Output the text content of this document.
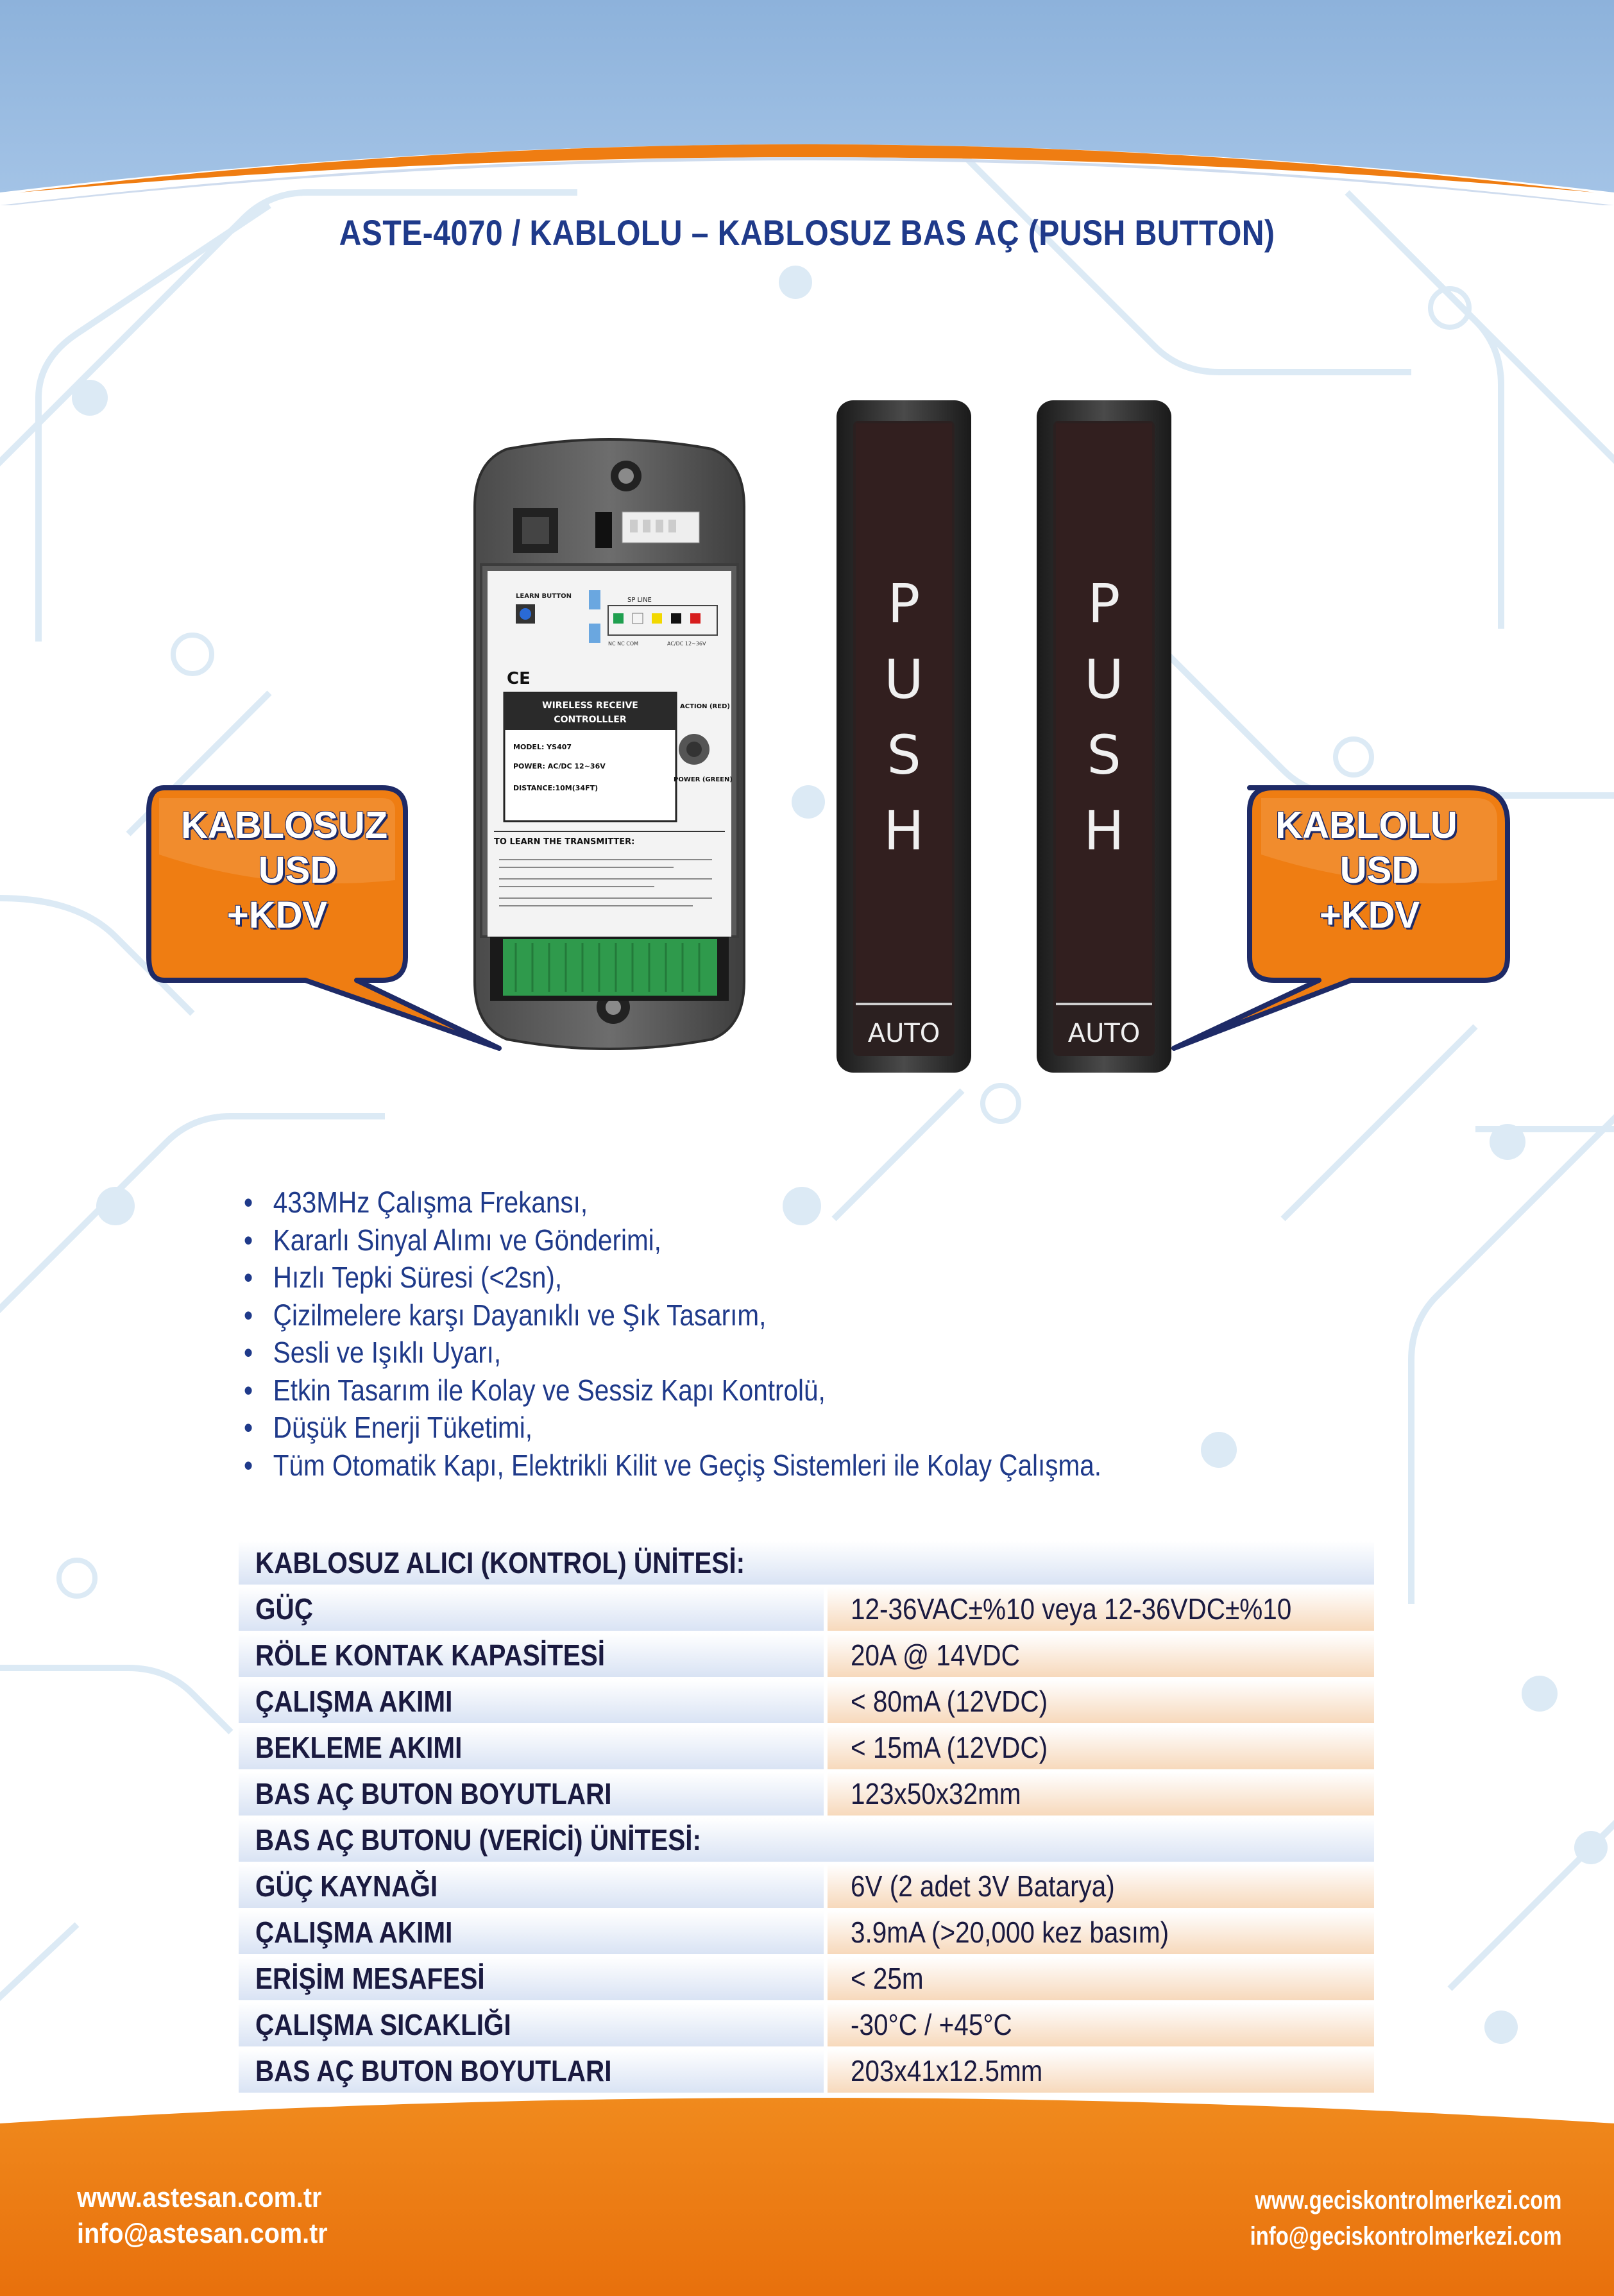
ASTE-4070 / KABLOLU – KABLOSUZ BAS AÇ (PUSH BUTTON)
LEARN BUTTON
SP LINE
NC NC COM	AC/DC 12~36V
CE
WIRELESS RECEIVE
CONTROLLLER
MODEL: YS407
POWER: AC/DC 12~36V
DISTANCE:10M(34FT)
ACTION (RED)
POWER (GREEN)
TO LEARN THE TRANSMITTER:
P
U
S
H
AUTO
P
U
S
H
AUTO
KABLOSUZ
USD
+KDV
KABLOLU
USD
+KDV
• 433MHz Çalışma Frekansı,
• Kararlı Sinyal Alımı ve Gönderimi,
• Hızlı Tepki Süresi (<2sn),
• Çizilmelere karşı Dayanıklı ve Şık Tasarım,
• Sesli ve Işıklı Uyarı,
• Etkin Tasarım ile Kolay ve Sessiz Kapı Kontrolü,
• Düşük Enerji Tüketimi,
• Tüm Otomatik Kapı, Elektrikli Kilit ve Geçiş Sistemleri ile Kolay Çalışma.
KABLOSUZ ALICI (KONTROL) ÜNİTESİ:	

GÜÇ	12-36VAC±%10 veya 12-36VDC±%10

RÖLE KONTAK KAPASİTESİ	20A @ 14VDC

ÇALIŞMA AKIMI	< 80mA (12VDC)

BEKLEME AKIMI	< 15mA (12VDC)

BAS AÇ BUTON BOYUTLARI	123x50x32mm

BAS AÇ BUTONU (VERİCİ) ÜNİTESİ:	

GÜÇ KAYNAĞI	6V (2 adet 3V Batarya)

ÇALIŞMA AKIMI	3.9mA (>20,000 kez basım)

ERİŞİM MESAFESİ	< 25m

ÇALIŞMA SICAKLIĞI	-30°C / +45°C

BAS AÇ BUTON BOYUTLARI	203x41x12.5mm
www.astesan.com.tr
info@astesan.com.tr
www.geciskontrolmerkezi.com
info@geciskontrolmerkezi.com
